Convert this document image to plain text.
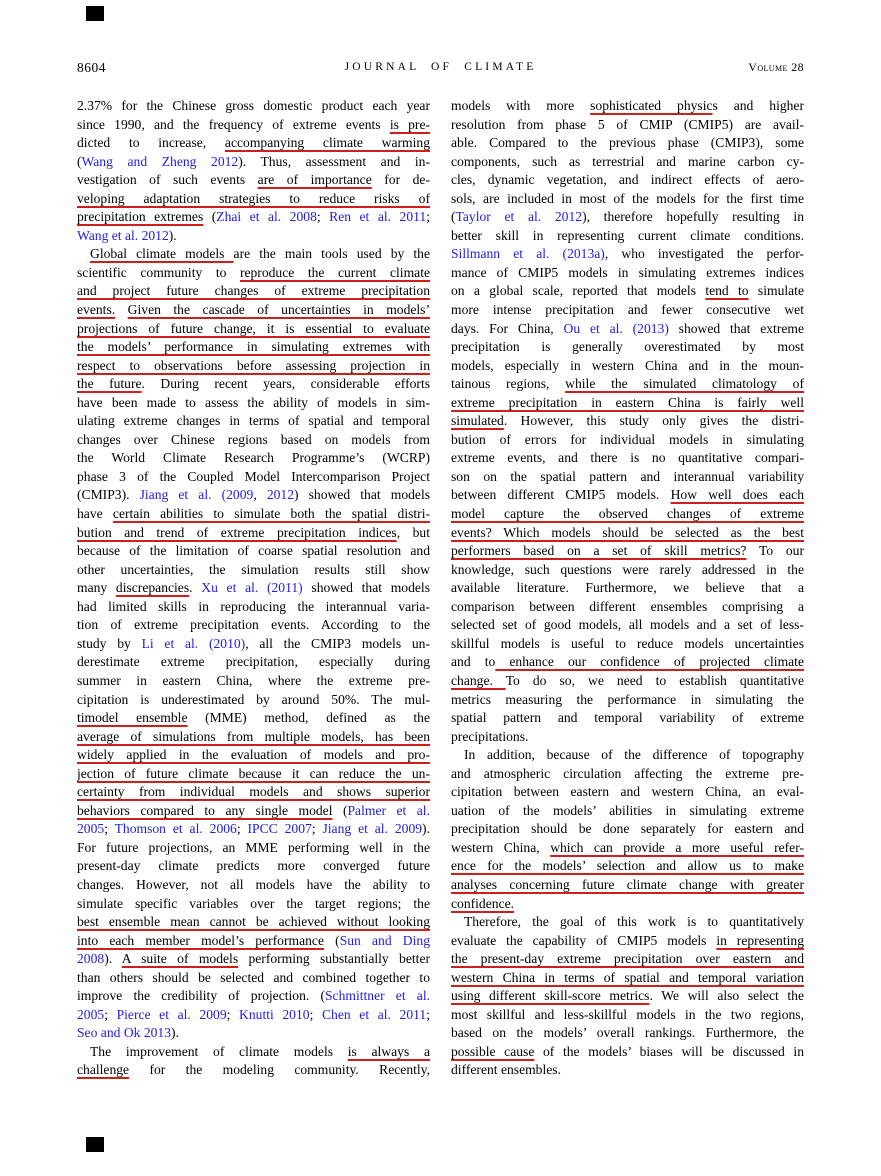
8604	JOURNAL OF CLIMATE	Volume 28
2.37% for the Chinese gross domestic product each year
since 1990, and the frequency of extreme events is pre-
dicted to increase, accompanying climate warming
(Wang and Zheng 2012). Thus, assessment and in-
vestigation of such events are of importance for de-
veloping adaptation strategies to reduce risks of
precipitation extremes (Zhai et al. 2008; Ren et al. 2011;
Wang et al. 2012).
Global climate models are the main tools used by the
scientific community to reproduce the current climate
and project future changes of extreme precipitation
events. Given the cascade of uncertainties in models’
projections of future change, it is essential to evaluate
the models’ performance in simulating extremes with
respect to observations before assessing projection in
the future. During recent years, considerable efforts
have been made to assess the ability of models in sim-
ulating extreme changes in terms of spatial and temporal
changes over Chinese regions based on models from
the World Climate Research Programme’s (WCRP)
phase 3 of the Coupled Model Intercomparison Project
(CMIP3). Jiang et al. (2009, 2012) showed that models
have certain abilities to simulate both the spatial distri-
bution and trend of extreme precipitation indices, but
because of the limitation of coarse spatial resolution and
other uncertainties, the simulation results still show
many discrepancies. Xu et al. (2011) showed that models
had limited skills in reproducing the interannual varia-
tion of extreme precipitation events. According to the
study by Li et al. (2010), all the CMIP3 models un-
derestimate extreme precipitation, especially during
summer in eastern China, where the extreme pre-
cipitation is underestimated by around 50%. The mul-
timodel ensemble (MME) method, defined as the
average of simulations from multiple models, has been
widely applied in the evaluation of models and pro-
jection of future climate because it can reduce the un-
certainty from individual models and shows superior
behaviors compared to any single model (Palmer et al.
2005; Thomson et al. 2006; IPCC 2007; Jiang et al. 2009).
For future projections, an MME performing well in the
present-day climate predicts more converged future
changes. However, not all models have the ability to
simulate specific variables over the target regions; the
best ensemble mean cannot be achieved without looking
into each member model’s performance (Sun and Ding
2008). A suite of models performing substantially better
than others should be selected and combined together to
improve the credibility of projection. (Schmittner et al.
2005; Pierce et al. 2009; Knutti 2010; Chen et al. 2011;
Seo and Ok 2013).
The improvement of climate models is always a
challenge for the modeling community. Recently,
models with more sophisticated physics and higher
resolution from phase 5 of CMIP (CMIP5) are avail-
able. Compared to the previous phase (CMIP3), some
components, such as terrestrial and marine carbon cy-
cles, dynamic vegetation, and indirect effects of aero-
sols, are included in most of the models for the first time
(Taylor et al. 2012), therefore hopefully resulting in
better skill in representing current climate conditions.
Sillmann et al. (2013a), who investigated the perfor-
mance of CMIP5 models in simulating extremes indices
on a global scale, reported that models tend to simulate
more intense precipitation and fewer consecutive wet
days. For China, Ou et al. (2013) showed that extreme
precipitation is generally overestimated by most
models, especially in western China and in the moun-
tainous regions, while the simulated climatology of
extreme precipitation in eastern China is fairly well
simulated. However, this study only gives the distri-
bution of errors for individual models in simulating
extreme events, and there is no quantitative compari-
son on the spatial pattern and interannual variability
between different CMIP5 models. How well does each
model capture the observed changes of extreme
events? Which models should be selected as the best
performers based on a set of skill metrics? To our
knowledge, such questions were rarely addressed in the
available literature. Furthermore, we believe that a
comparison between different ensembles comprising a
selected set of good models, all models and a set of less-
skillful models is useful to reduce models uncertainties
and to enhance our confidence of projected climate
change. To do so, we need to establish quantitative
metrics measuring the performance in simulating the
spatial pattern and temporal variability of extreme
precipitations.
In addition, because of the difference of topography
and atmospheric circulation affecting the extreme pre-
cipitation between eastern and western China, an eval-
uation of the models’ abilities in simulating extreme
precipitation should be done separately for eastern and
western China, which can provide a more useful refer-
ence for the models’ selection and allow us to make
analyses concerning future climate change with greater
confidence.
Therefore, the goal of this work is to quantitatively
evaluate the capability of CMIP5 models in representing
the present-day extreme precipitation over eastern and
western China in terms of spatial and temporal variation
using different skill-score metrics. We will also select the
most skillful and less-skillful models in the two regions,
based on the models’ overall rankings. Furthermore, the
possible cause of the models’ biases will be discussed in
different ensembles.
